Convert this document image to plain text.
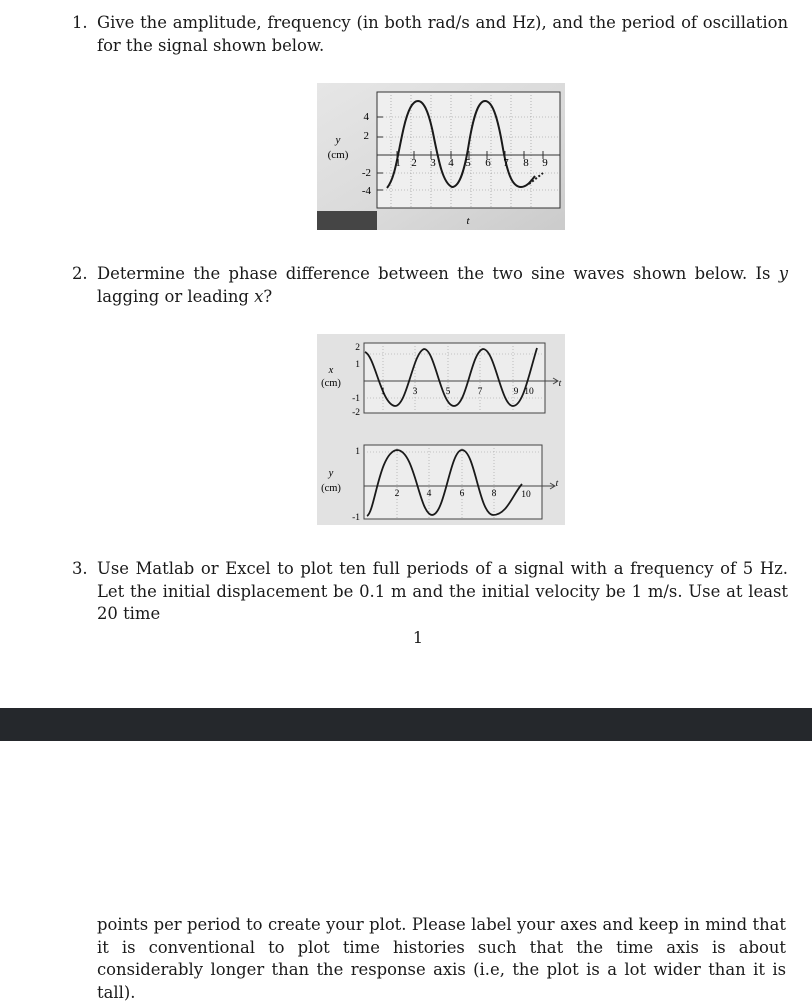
1. Give the amplitude, frequency (in both rad/s and Hz), and the period of oscillation for the signal shown below.
4
2
-2
-4
1 2 3 4 5 6 7 8 9
y
(cm)
t
2. Determine the phase difference between the two sine waves shown below. Is y lagging or leading x?
2
1
-1
-2
1	3	5	7	9 10
t
x
(cm)
1
-1
2	4	6	8	10
t
y
(cm)
3. Use Matlab or Excel to plot ten full periods of a signal with a frequency of 5 Hz. Let the initial displacement be 0.1 m and the initial velocity be 1 m/s. Use at least 20 time
1
points per period to create your plot. Please label your axes and keep in mind that it is conventional to plot time histories such that the time axis is about considerably longer than the response axis (i.e, the plot is a lot wider than it is tall).
